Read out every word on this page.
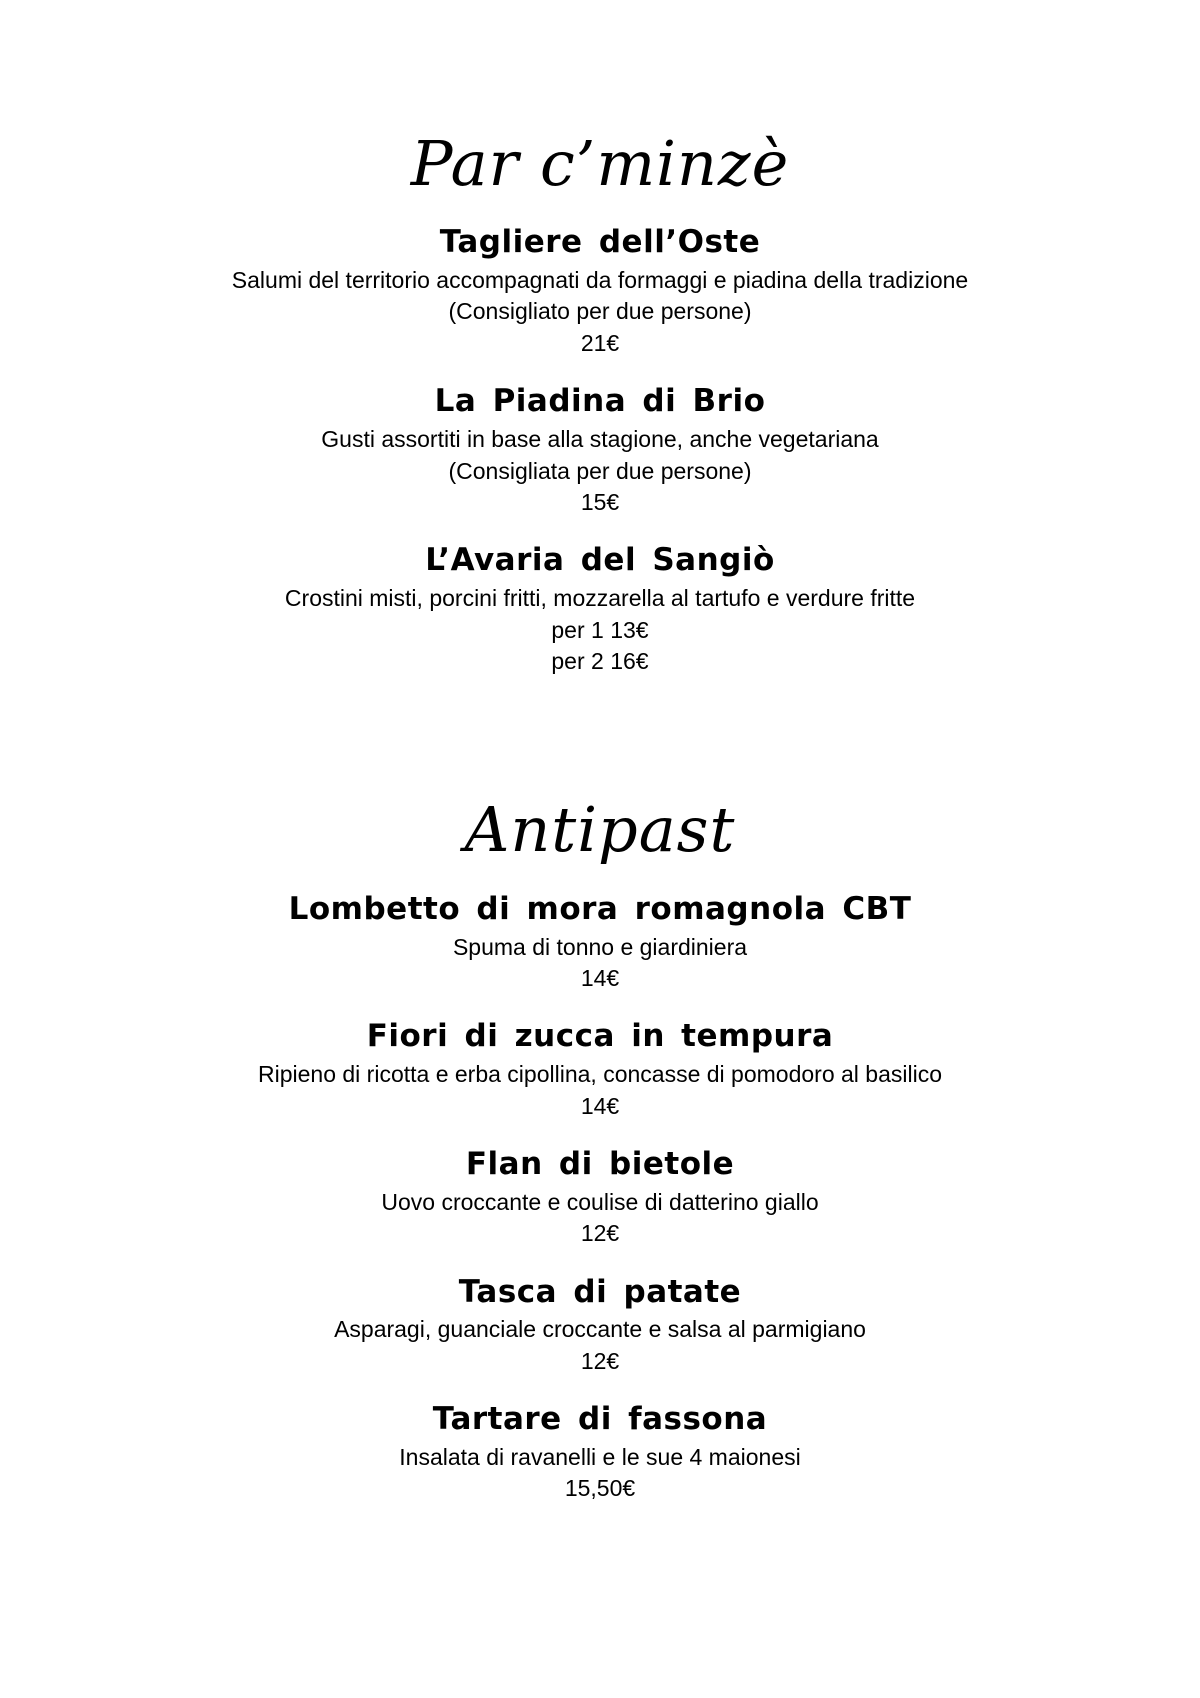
Par c’minzè
Tagliere dell’Oste

Salumi del territorio accompagnati da formaggi e piadina della tradizione

(Consigliato per due persone)

21€

La Piadina di Brio

Gusti assortiti in base alla stagione, anche vegetariana

(Consigliata per due persone)

15€

L’Avaria del Sangiò

Crostini misti, porcini fritti, mozzarella al tartufo e verdure fritte

per 1 13€

per 2 16€

Antipast
Lombetto di mora romagnola CBT

Spuma di tonno e giardiniera

14€

Fiori di zucca in tempura

Ripieno di ricotta e erba cipollina, concasse di pomodoro al basilico

14€

Flan di bietole

Uovo croccante e coulise di datterino giallo

12€

Tasca di patate

Asparagi, guanciale croccante e salsa al parmigiano

12€

Tartare di fassona

Insalata di ravanelli e le sue 4 maionesi

15,50€
